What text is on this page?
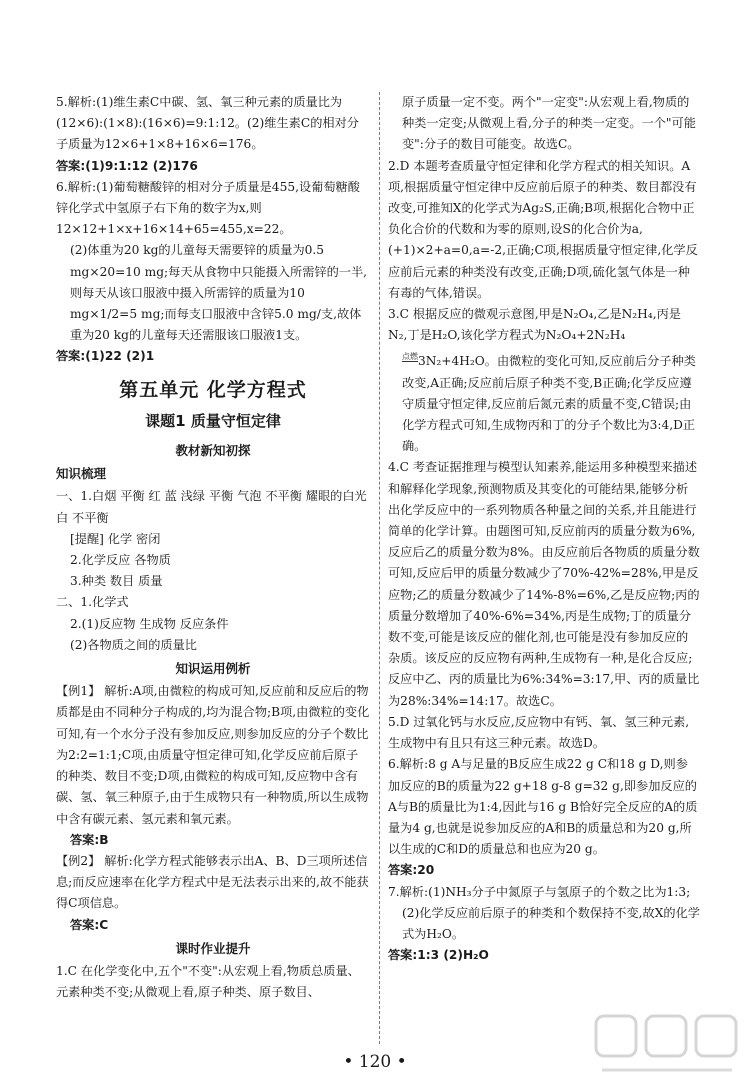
5.解析:(1)维生素C中碳、氢、氧三种元素的质量比为(12×6):(1×8):(16×6)=9:1:12。(2)维生素C的相对分子质量为12×6+1×8+16×6=176。

答案:(1)9:1:12 (2)176

6.解析:(1)葡萄糖酸锌的相对分子质量是455,设葡萄糖酸锌化学式中氢原子右下角的数字为x,则12×12+1×x+16×14+65=455,x=22。

(2)体重为20 kg的儿童每天需要锌的质量为0.5 mg×20=10 mg;每天从食物中只能摄入所需锌的一半,

则每天从该口服液中摄入所需锌的质量为10 mg×1/2=5 mg;而每支口服液中含锌5.0 mg/支,故体重为20 kg的儿童每天还需服该口服液1支。

答案:(1)22 (2)1

第五单元 化学方程式
课题1 质量守恒定律
教材新知初探
知识梳理

一、1.白烟 平衡 红 蓝 浅绿 平衡 气泡 不平衡 耀眼的白光 白 不平衡

[提醒] 化学 密闭

2.化学反应 各物质

3.种类 数目 质量

二、1.化学式

2.(1)反应物 生成物 反应条件

(2)各物质之间的质量比

知识运用例析

【例1】 解析:A项,由微粒的构成可知,反应前和反应后的物质都是由不同种分子构成的,均为混合物;B项,由微粒的变化可知,有一个水分子没有参加反应,则参加反应的分子个数比为2:2=1:1;C项,由质量守恒定律可知,化学反应前后原子的种类、数目不变;D项,由微粒的构成可知,反应物中含有碳、氢、氧三种原子,由于生成物只有一种物质,所以生成物中含有碳元素、氢元素和氧元素。

答案:B

【例2】 解析:化学方程式能够表示出A、B、D三项所述信息;而反应速率在化学方程式中是无法表示出来的,故不能获得C项信息。

答案:C

课时作业提升

1.C 在化学变化中,五个"不变":从宏观上看,物质总质量、元素种类不变;从微观上看,原子种类、原子数目、

原子质量一定不变。两个"一定变":从宏观上看,物质的种类一定变;从微观上看,分子的种类一定变。一个"可能变":分子的数目可能变。故选C。

2.D 本题考查质量守恒定律和化学方程式的相关知识。A项,根据质量守恒定律中反应前后原子的种类、数目都没有改变,可推知X的化学式为Ag₂S,正确;B项,根据化合物中正负化合价的代数和为零的原则,设S的化合价为a,(+1)×2+a=0,a=-2,正确;C项,根据质量守恒定律,化学反应前后元素的种类没有改变,正确;D项,硫化氢气体是一种有毒的气体,错误。

3.C 根据反应的微观示意图,甲是N₂O₄,乙是N₂H₄,丙是N₂,丁是H₂O,该化学方程式为N₂O₄+2N₂H₄

$^{点燃}$3N₂+4H₂O。由微粒的变化可知,反应前后分子种类改变,A正确;反应前后原子种类不变,B正确;化学反应遵守质量守恒定律,反应前后氮元素的质量不变,C错误;由化学方程式可知,生成物丙和丁的分子个数比为3:4,D正确。

4.C 考查证据推理与模型认知素养,能运用多种模型来描述和解释化学现象,预测物质及其变化的可能结果,能够分析出化学反应中的一系列物质各种量之间的关系,并且能进行简单的化学计算。由题图可知,反应前丙的质量分数为6%,反应后乙的质量分数为8%。由反应前后各物质的质量分数可知,反应后甲的质量分数减少了70%-42%=28%,甲是反应物;乙的质量分数减少了14%-8%=6%,乙是反应物;丙的质量分数增加了40%-6%=34%,丙是生成物;丁的质量分数不变,可能是该反应的催化剂,也可能是没有参加反应的杂质。该反应的反应物有两种,生成物有一种,是化合反应;反应中乙、丙的质量比为6%:34%=3:17,甲、丙的质量比为28%:34%=14:17。故选C。

5.D 过氧化钙与水反应,反应物中有钙、氧、氢三种元素,生成物中有且只有这三种元素。故选D。

6.解析:8 g A与足量的B反应生成22 g C和18 g D,则参加反应的B的质量为22 g+18 g-8 g=32 g,即参加反应的A与B的质量比为1:4,因此与16 g B恰好完全反应的A的质量为4 g,也就是说参加反应的A和B的质量总和为20 g,所以生成的C和D的质量总和也应为20 g。

答案:20

7.解析:(1)NH₃分子中氮原子与氢原子的个数之比为1:3;

(2)化学反应前后原子的种类和个数保持不变,故X的化学式为H₂O。

答案:1:3 (2)H₂O

• 120 •
